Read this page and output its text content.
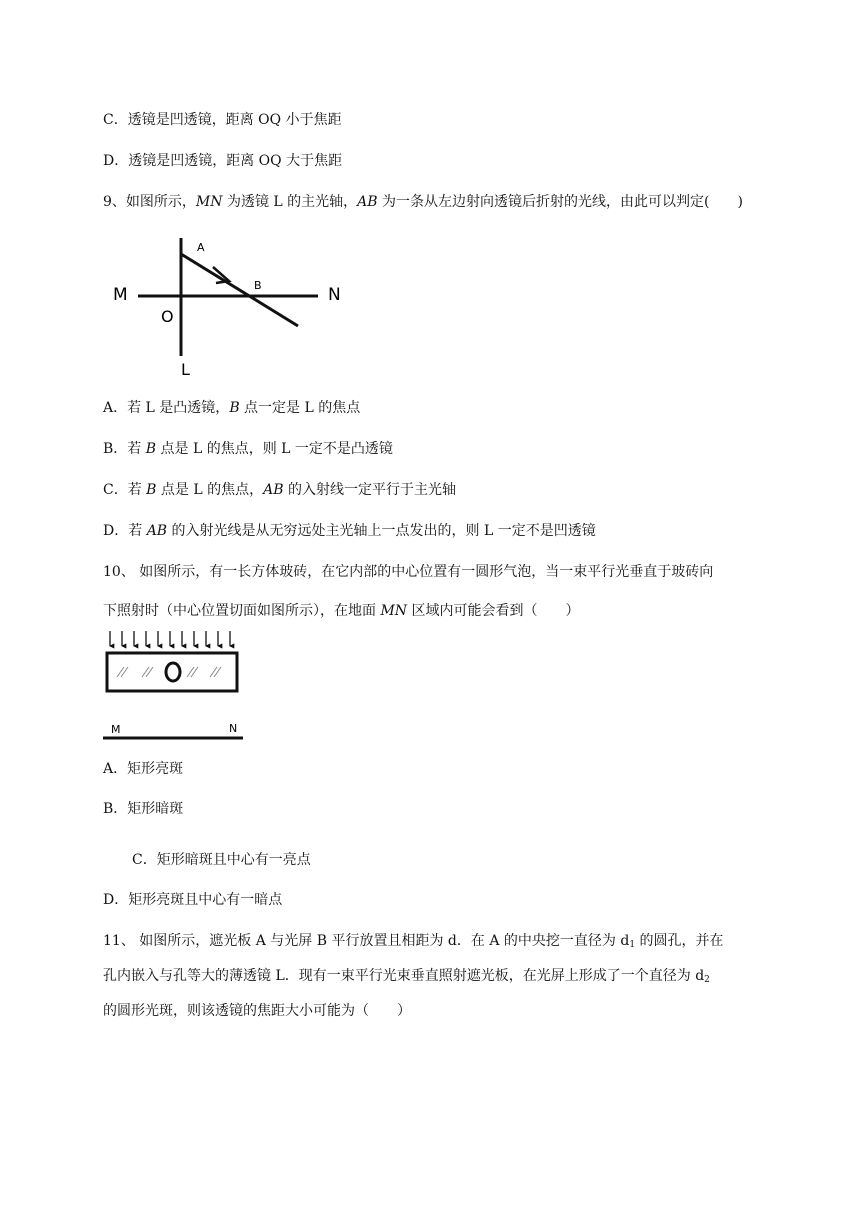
C．透镜是凹透镜，距离 OQ 小于焦距
D．透镜是凹透镜，距离 OQ 大于焦距
9、如图所示，MN 为透镜 L 的主光轴，AB 为一条从左边射向透镜后折射的光线，由此可以判定(　　)
M	N
O
L
A
B
A．若 L 是凸透镜，B 点一定是 L 的焦点
B．若 B 点是 L 的焦点，则 L 一定不是凸透镜
C．若 B 点是 L 的焦点，AB 的入射线一定平行于主光轴
D．若 AB 的入射光线是从无穷远处主光轴上一点发出的，则 L 一定不是凹透镜
10、 如图所示，有一长方体玻砖，在它内部的中心位置有一圆形气泡，当一束平行光垂直于玻砖向
下照射时（中心位置切面如图所示），在地面 MN 区域内可能会看到（　　）
M	N
A．矩形亮斑
B．矩形暗斑
C．矩形暗斑且中心有一亮点
D．矩形亮斑且中心有一暗点
11、 如图所示，遮光板 A 与光屏 B 平行放置且相距为 d．在 A 的中央挖一直径为 $d_1$ 的圆孔，并在
孔内嵌入与孔等大的薄透镜 L．现有一束平行光束垂直照射遮光板，在光屏上形成了一个直径为 $d_2$
的圆形光斑，则该透镜的焦距大小可能为（　　）
